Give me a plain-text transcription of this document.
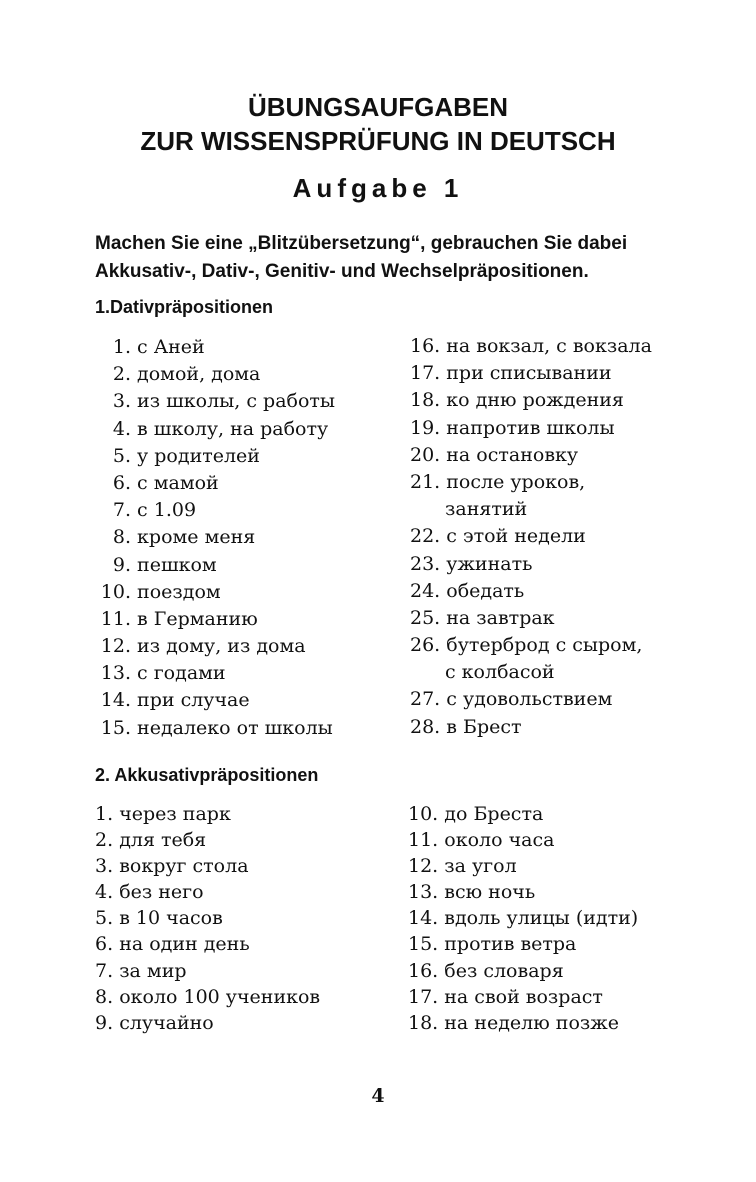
ÜBUNGSAUFGABEN
ZUR WISSENSPRÜFUNG IN DEUTSCH
Aufgabe 1
Machen Sie eine „Blitzübersetzung“, gebrauchen Sie dabei
Akkusativ-, Dativ-, Genitiv- und Wechselpräpositionen.
1.Dativpräpositionen
1. с Аней
2. домой, дома
3. из школы, с работы
4. в школу, на работу
5. у родителей
6. с мамой
7. с 1.09
8. кроме меня
9. пешком
10. поездом
11. в Германию
12. из дому, из дома
13. с годами
14. при случае
15. недалеко от школы
16. на вокзал, с вокзала
17. при списывании
18. ко дню рождения
19. напротив школы
20. на остановку
21. после уроков,
занятий
22. с этой недели
23. ужинать
24. обедать
25. на завтрак
26. бутерброд с сыром,
с колбасой
27. с удовольствием
28. в Брест
2. Akkusativpräpositionen
1. через парк
2. для тебя
3. вокруг стола
4. без него
5. в 10 часов
6. на один день
7. за мир
8. около 100 учеников
9. случайно
10. до Бреста
11. около часа
12. за угол
13. всю ночь
14. вдоль улицы (идти)
15. против ветра
16. без словаря
17. на свой возраст
18. на неделю позже
4
